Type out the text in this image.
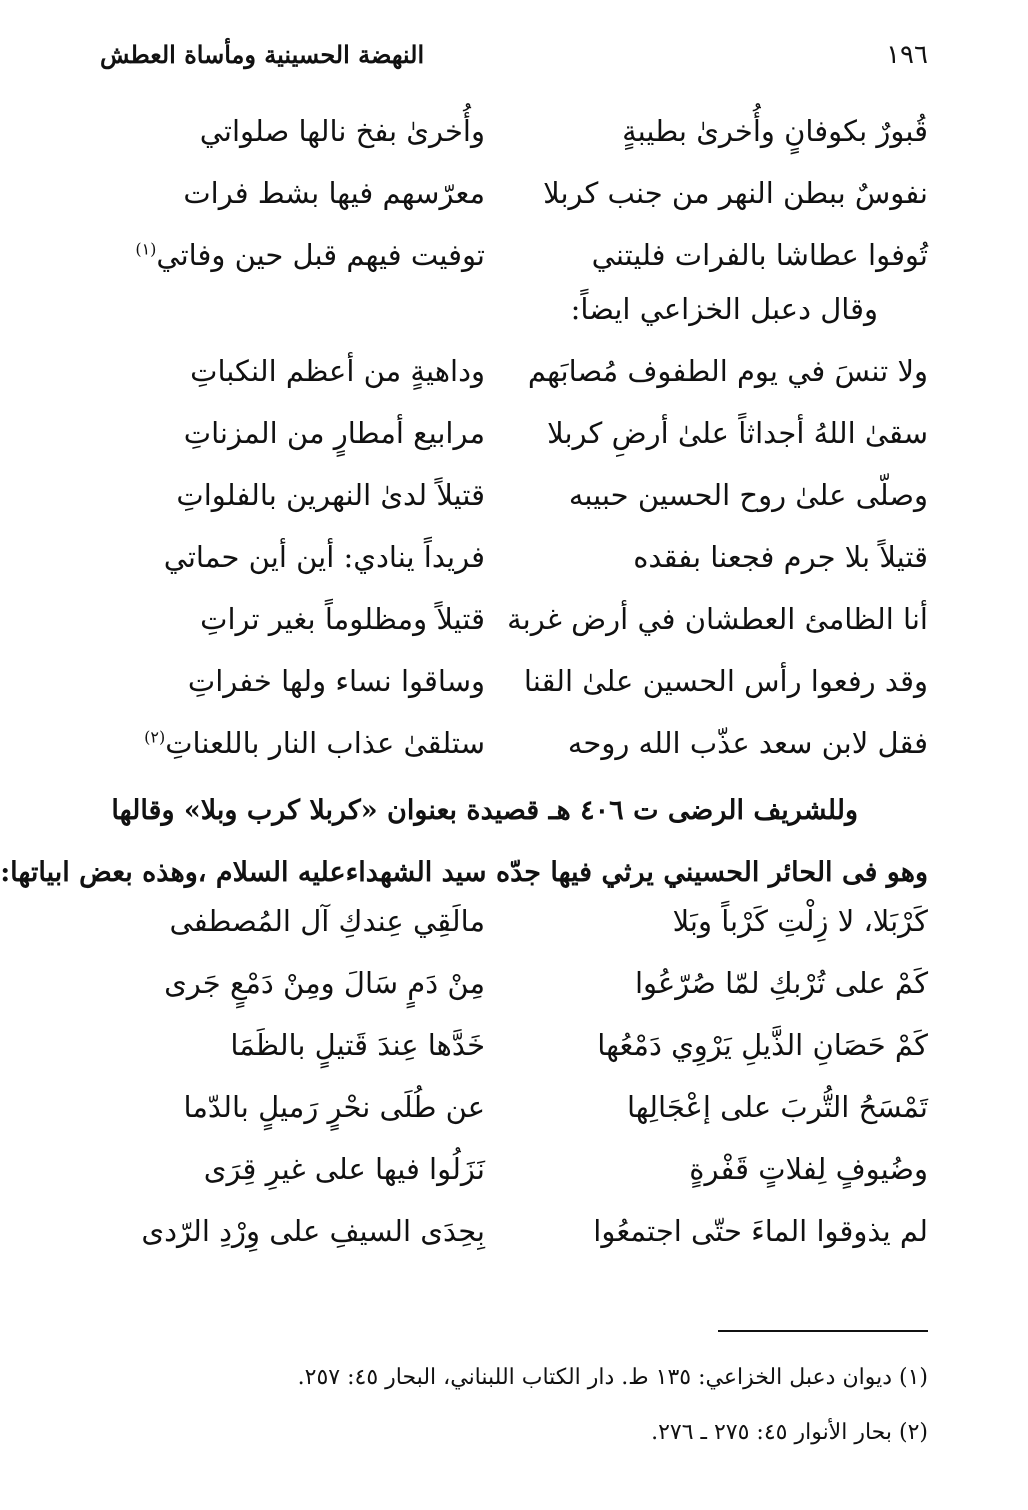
١٩٦
النهضة الحسينية ومأساة العطش
قُبورٌ بكوفانٍ وأُخرىٰ بطيبةٍ
وأُخرىٰ بفخ نالها صلواتي
نفوسٌ ببطن النهر من جنب كربلا
معرّسهم فيها بشط فرات
تُوفوا عطاشا بالفرات فليتني
توفيت فيهم قبل حين وفاتي$^{(١)}$
وقال دعبل الخزاعي ايضاً:
ولا تنسَ في يوم الطفوف مُصابَهم
وداهيةٍ من أعظم النكباتِ
سقىٰ اللهُ أجداثاً علىٰ أرضِ كربلا
مرابيع أمطارٍ من المزناتِ
وصلّى علىٰ روح الحسين حبيبه
قتيلاً لدىٰ النهرين بالفلواتِ
قتيلاً بلا جرم فجعنا بفقده
فريداً ينادي: أين أين حماتي
أنا الظامئ العطشان في أرض غربة
قتيلاً ومظلوماً بغير تراتِ
وقد رفعوا رأس الحسين علىٰ القنا
وساقوا نساء ولها خفراتِ
فقل لابن سعد عذّب الله روحه
ستلقىٰ عذاب النار باللعناتِ$^{(٢)}$
وللشريف الرضى ت ٤٠٦ هـ قصيدة بعنوان «كربلا كرب وبلا» وقالها
وهو فى الحائر الحسيني يرثي فيها جدّه سيد الشهداءعليه السلام ،وهذه بعض ابياتها:
كَرْبَلا، لا زِلْتِ كَرْباً وبَلا
مالَقِي عِندكِ آل المُصطفى
كَمْ على تُرْبكِ لمّا صُرّعُوا
مِنْ دَمٍ سَالَ ومِنْ دَمْعٍ جَرى
كَمْ حَصَانِ الذَّيلِ يَرْوِي دَمْعُها
خَدَّها عِندَ قَتيلٍ بالظَمَا
تَمْسَحُ التُّربَ على إعْجَالِها
عن طُلَى نحْرٍ رَميلٍ بالدّما
وضُيوفٍ لِفلاتٍ قَفْرةٍ
نَزَلُوا فيها على غيرِ قِرَى
لم يذوقوا الماءَ حتّى اجتمعُوا
بِحِدَى السيفِ على وِرْدِ الرّدى
(١) ديوان دعبل الخزاعي: ١٣٥ ط. دار الكتاب اللبناني، البحار ٤٥: ٢٥٧.
(٢) بحار الأنوار ٤٥: ٢٧٥ ـ ٢٧٦.
